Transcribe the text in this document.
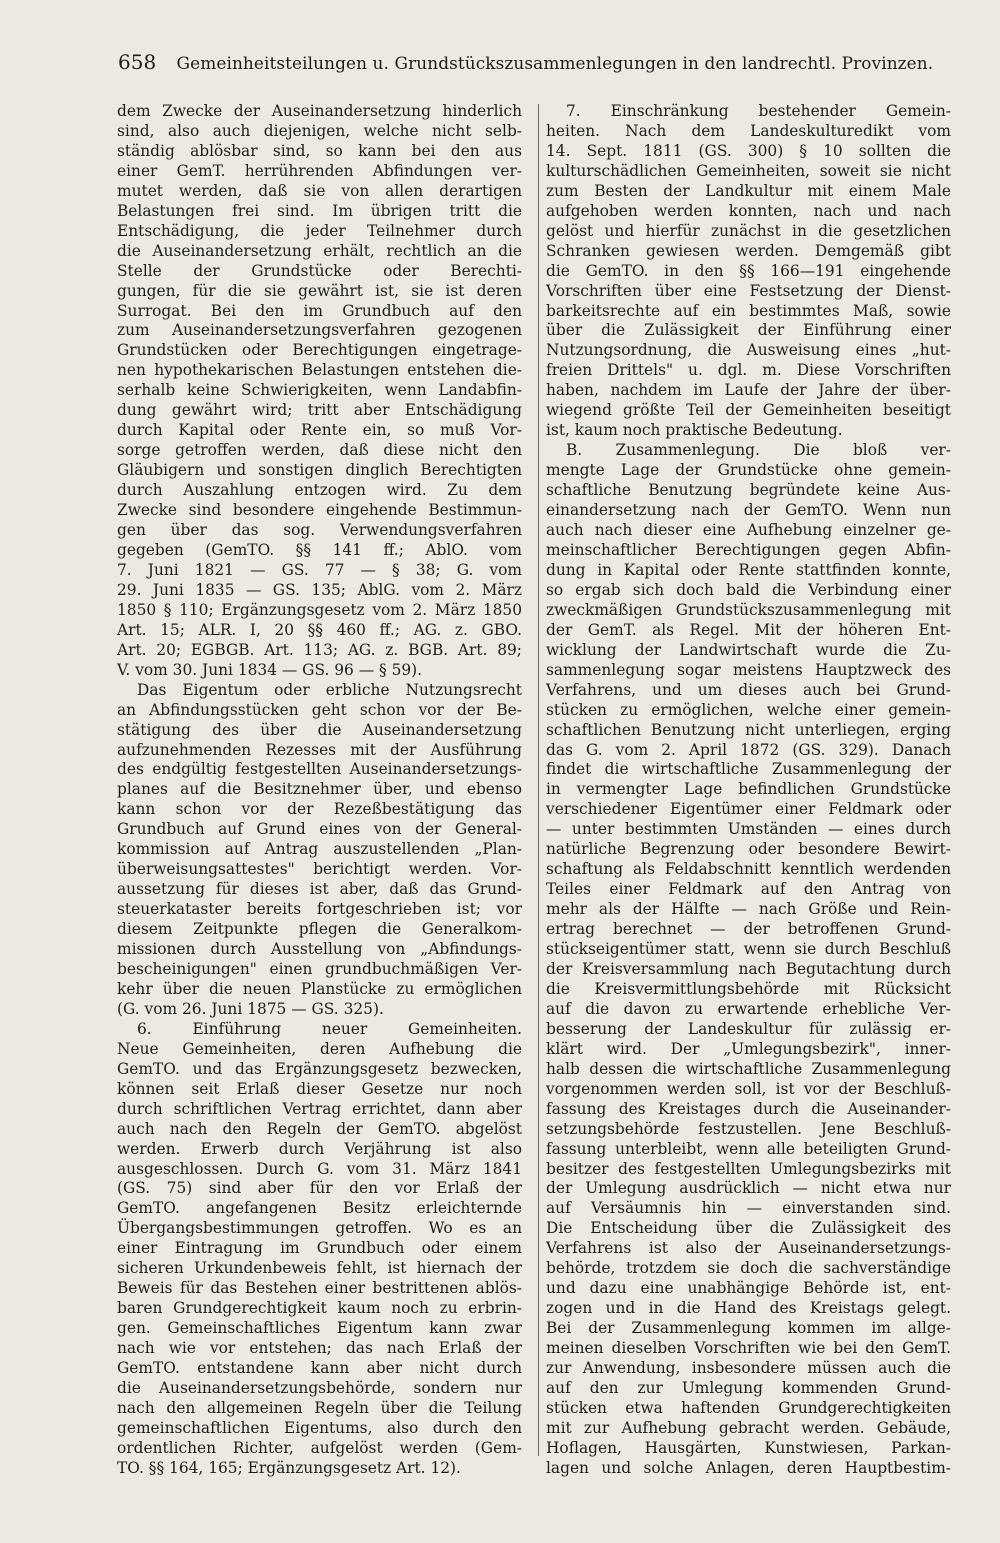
658 Gemeinheitsteilungen u. Grundstückszusammenlegungen in den landrechtl. Provinzen.
dem Zwecke der Auseinandersetzung hinderlich
sind, also auch diejenigen, welche nicht selb-
ständig ablösbar sind, so kann bei den aus
einer GemT. herrührenden Abfindungen ver-
mutet werden, daß sie von allen derartigen
Belastungen frei sind. Im übrigen tritt die
Entschädigung, die jeder Teilnehmer durch
die Auseinandersetzung erhält, rechtlich an die
Stelle der Grundstücke oder Berechti-
gungen, für die sie gewährt ist, sie ist deren
Surrogat. Bei den im Grundbuch auf den
zum Auseinandersetzungsverfahren gezogenen
Grundstücken oder Berechtigungen eingetrage-
nen hypothekarischen Belastungen entstehen die-
serhalb keine Schwierigkeiten, wenn Landabfin-
dung gewährt wird; tritt aber Entschädigung
durch Kapital oder Rente ein, so muß Vor-
sorge getroffen werden, daß diese nicht den
Gläubigern und sonstigen dinglich Berechtigten
durch Auszahlung entzogen wird. Zu dem
Zwecke sind besondere eingehende Bestimmun-
gen über das sog. Verwendungsverfahren
gegeben (GemTO. §§ 141 ff.; AblO. vom
7. Juni 1821 — GS. 77 — § 38; G. vom
29. Juni 1835 — GS. 135; AblG. vom 2. März
1850 § 110; Ergänzungsgesetz vom 2. März 1850
Art. 15; ALR. I, 20 §§ 460 ff.; AG. z. GBO.
Art. 20; EGBGB. Art. 113; AG. z. BGB. Art. 89;
V. vom 30. Juni 1834 — GS. 96 — § 59).
Das Eigentum oder erbliche Nutzungsrecht
an Abfindungsstücken geht schon vor der Be-
stätigung des über die Auseinandersetzung
aufzunehmenden Rezesses mit der Ausführung
des endgültig festgestellten Auseinandersetzungs-
planes auf die Besitznehmer über, und ebenso
kann schon vor der Rezeßbestätigung das
Grundbuch auf Grund eines von der General-
kommission auf Antrag auszustellenden „Plan-
überweisungsattestes" berichtigt werden. Vor-
aussetzung für dieses ist aber, daß das Grund-
steuerkataster bereits fortgeschrieben ist; vor
diesem Zeitpunkte pflegen die Generalkom-
missionen durch Ausstellung von „Abfindungs-
bescheinigungen" einen grundbuchmäßigen Ver-
kehr über die neuen Planstücke zu ermöglichen
(G. vom 26. Juni 1875 — GS. 325).
6. Einführung neuer Gemeinheiten.
Neue Gemeinheiten, deren Aufhebung die
GemTO. und das Ergänzungsgesetz bezwecken,
können seit Erlaß dieser Gesetze nur noch
durch schriftlichen Vertrag errichtet, dann aber
auch nach den Regeln der GemTO. abgelöst
werden. Erwerb durch Verjährung ist also
ausgeschlossen. Durch G. vom 31. März 1841
(GS. 75) sind aber für den vor Erlaß der
GemTO. angefangenen Besitz erleichternde
Übergangsbestimmungen getroffen. Wo es an
einer Eintragung im Grundbuch oder einem
sicheren Urkundenbeweis fehlt, ist hiernach der
Beweis für das Bestehen einer bestrittenen ablös-
baren Grundgerechtigkeit kaum noch zu erbrin-
gen. Gemeinschaftliches Eigentum kann zwar
nach wie vor entstehen; das nach Erlaß der
GemTO. entstandene kann aber nicht durch
die Auseinandersetzungsbehörde, sondern nur
nach den allgemeinen Regeln über die Teilung
gemeinschaftlichen Eigentums, also durch den
ordentlichen Richter, aufgelöst werden (Gem-
TO. §§ 164, 165; Ergänzungsgesetz Art. 12).
7. Einschränkung bestehender Gemein-
heiten. Nach dem Landeskulturedikt vom
14. Sept. 1811 (GS. 300) § 10 sollten die
kulturschädlichen Gemeinheiten, soweit sie nicht
zum Besten der Landkultur mit einem Male
aufgehoben werden konnten, nach und nach
gelöst und hierfür zunächst in die gesetzlichen
Schranken gewiesen werden. Demgemäß gibt
die GemTO. in den §§ 166—191 eingehende
Vorschriften über eine Festsetzung der Dienst-
barkeitsrechte auf ein bestimmtes Maß, sowie
über die Zulässigkeit der Einführung einer
Nutzungsordnung, die Ausweisung eines „hut-
freien Drittels" u. dgl. m. Diese Vorschriften
haben, nachdem im Laufe der Jahre der über-
wiegend größte Teil der Gemeinheiten beseitigt
ist, kaum noch praktische Bedeutung.
B. Zusammenlegung. Die bloß ver-
mengte Lage der Grundstücke ohne gemein-
schaftliche Benutzung begründete keine Aus-
einandersetzung nach der GemTO. Wenn nun
auch nach dieser eine Aufhebung einzelner ge-
meinschaftlicher Berechtigungen gegen Abfin-
dung in Kapital oder Rente stattfinden konnte,
so ergab sich doch bald die Verbindung einer
zweckmäßigen Grundstückszusammenlegung mit
der GemT. als Regel. Mit der höheren Ent-
wicklung der Landwirtschaft wurde die Zu-
sammenlegung sogar meistens Hauptzweck des
Verfahrens, und um dieses auch bei Grund-
stücken zu ermöglichen, welche einer gemein-
schaftlichen Benutzung nicht unterliegen, erging
das G. vom 2. April 1872 (GS. 329). Danach
findet die wirtschaftliche Zusammenlegung der
in vermengter Lage befindlichen Grundstücke
verschiedener Eigentümer einer Feldmark oder
— unter bestimmten Umständen — eines durch
natürliche Begrenzung oder besondere Bewirt-
schaftung als Feldabschnitt kenntlich werdenden
Teiles einer Feldmark auf den Antrag von
mehr als der Hälfte — nach Größe und Rein-
ertrag berechnet — der betroffenen Grund-
stückseigentümer statt, wenn sie durch Beschluß
der Kreisversammlung nach Begutachtung durch
die Kreisvermittlungsbehörde mit Rücksicht
auf die davon zu erwartende erhebliche Ver-
besserung der Landeskultur für zulässig er-
klärt wird. Der „Umlegungsbezirk", inner-
halb dessen die wirtschaftliche Zusammenlegung
vorgenommen werden soll, ist vor der Beschluß-
fassung des Kreistages durch die Auseinander-
setzungsbehörde festzustellen. Jene Beschluß-
fassung unterbleibt, wenn alle beteiligten Grund-
besitzer des festgestellten Umlegungsbezirks mit
der Umlegung ausdrücklich — nicht etwa nur
auf Versäumnis hin — einverstanden sind.
Die Entscheidung über die Zulässigkeit des
Verfahrens ist also der Auseinandersetzungs-
behörde, trotzdem sie doch die sachverständige
und dazu eine unabhängige Behörde ist, ent-
zogen und in die Hand des Kreistags gelegt.
Bei der Zusammenlegung kommen im allge-
meinen dieselben Vorschriften wie bei den GemT.
zur Anwendung, insbesondere müssen auch die
auf den zur Umlegung kommenden Grund-
stücken etwa haftenden Grundgerechtigkeiten
mit zur Aufhebung gebracht werden. Gebäude,
Hoflagen, Hausgärten, Kunstwiesen, Parkan-
lagen und solche Anlagen, deren Hauptbestim-
